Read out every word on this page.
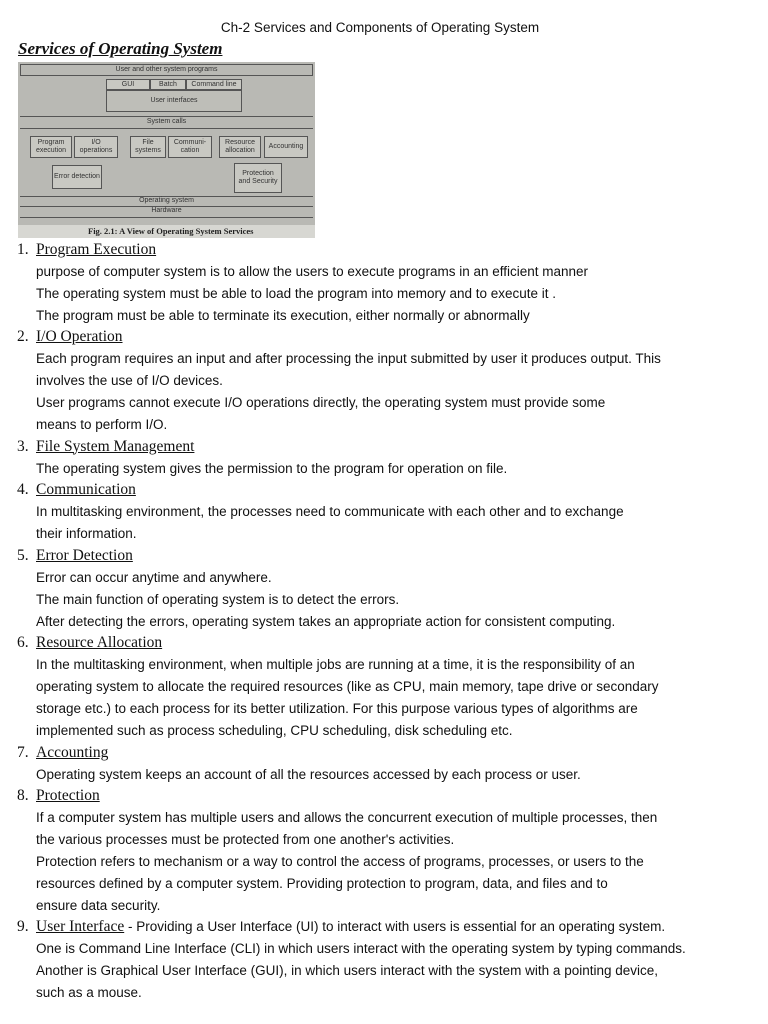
Ch-2 Services and Components of Operating System
Services of Operating System
User and other system programs
GUI	Batch	Command line
User interfaces
System calls
Program execution
I/O operations
File systems
Communi-cation
Resource allocation
Accounting
Error detection	Protection and Security
Operating system
Hardware
Fig. 2.1: A View of Operating System Services
1. Program Execution
purpose of computer system is to allow the users to execute programs in an efficient manner
The operating system must be able to load the program into memory and to execute it .
The program must be able to terminate its execution, either normally or abnormally
2. I/O Operation
Each program requires an input and after processing the input submitted by user it produces output. This
involves the use of I/O devices.
User programs cannot execute I/O operations directly, the operating system must provide some
means to perform I/O.
3. File System Management
The operating system gives the permission to the program for operation on file.
4. Communication
In multitasking environment, the processes need to communicate with each other and to exchange
their information.
5. Error Detection
Error can occur anytime and anywhere.
The main function of operating system is to detect the errors.
After detecting the errors, operating system takes an appropriate action for consistent computing.
6. Resource Allocation
In the multitasking environment, when multiple jobs are running at a time, it is the responsibility of an
operating system to allocate the required resources (like as CPU, main memory, tape drive or secondary
storage etc.) to each process for its better utilization. For this purpose various types of algorithms are
implemented such as process scheduling, CPU scheduling, disk scheduling etc.
7. Accounting
Operating system keeps an account of all the resources accessed by each process or user.
8. Protection
If a computer system has multiple users and allows the concurrent execution of multiple processes, then
the various processes must be protected from one another's activities.
Protection refers to mechanism or a way to control the access of programs, processes, or users to the
resources defined by a computer system. Providing protection to program, data, and files and to
ensure data security.
9. User Interface - Providing a User Interface (UI) to interact with users is essential for an operating system.
One is Command Line Interface (CLI) in which users interact with the operating system by typing commands.
Another is Graphical User Interface (GUI), in which users interact with the system with a pointing device,
such as a mouse.
